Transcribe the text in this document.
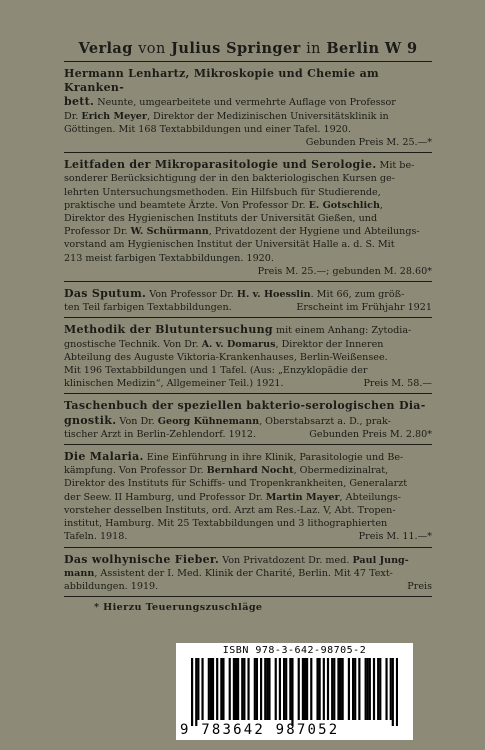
Verlag von Julius Springer in Berlin W 9
Hermann Lenhartz, Mikroskopie und Chemie am Kranken-
bett. Neunte, umgearbeitete und vermehrte Auflage von Professor
Dr. Erich Meyer, Direktor der Medizinischen Universitätsklinik in
Göttingen. Mit 168 Textabbildungen und einer Tafel. 1920.
Gebunden Preis M. 25.—*
Leitfaden der Mikroparasitologie und Serologie. Mit be-
sonderer Berücksichtigung der in den bakteriologischen Kursen ge-
lehrten Untersuchungsmethoden. Ein Hilfsbuch für Studierende,
praktische und beamtete Ärzte. Von Professor Dr. E. Gotschlich,
Direktor des Hygienischen Instituts der Universität Gießen, und
Professor Dr. W. Schürmann, Privatdozent der Hygiene und Abteilungs-
vorstand am Hygienischen Institut der Universität Halle a. d. S. Mit
213 meist farbigen Textabbildungen. 1920.
Preis M. 25.—; gebunden M. 28.60*
Das Sputum. Von Professor Dr. H. v. Hoesslin. Mit 66, zum größ-
ten Teil farbigen Textabbildungen.	Erscheint im Frühjahr 1921
Methodik der Blutuntersuchung mit einem Anhang: Zytodia-
gnostische Technik. Von Dr. A. v. Domarus, Direktor der Inneren
Abteilung des Auguste Viktoria-Krankenhauses, Berlin-Weißensee.
Mit 196 Textabbildungen und 1 Tafel. (Aus: „Enzyklopädie der
klinischen Medizin“, Allgemeiner Teil.) 1921.	Preis M. 58.—
Taschenbuch der speziellen bakterio-serologischen Dia-
gnostik. Von Dr. Georg Kühnemann, Oberstabsarzt a. D., prak-
tischer Arzt in Berlin-Zehlendorf. 1912.	Gebunden Preis M. 2.80*
Die Malaria. Eine Einführung in ihre Klinik, Parasitologie und Be-
kämpfung. Von Professor Dr. Bernhard Nocht, Obermedizinalrat,
Direktor des Instituts für Schiffs- und Tropenkrankheiten, Generalarzt
der Seew. II Hamburg, und Professor Dr. Martin Mayer, Abteilungs-
vorsteher desselben Instituts, ord. Arzt am Res.-Laz. V, Abt. Tropen-
institut, Hamburg. Mit 25 Textabbildungen und 3 lithographierten
Tafeln. 1918.	Preis M. 11.—*
Das wolhynische Fieber. Von Privatdozent Dr. med. Paul Jung-
mann, Assistent der I. Med. Klinik der Charité, Berlin. Mit 47 Text-
abbildungen. 1919.	Preis
* Hierzu Teuerungszuschläge
ISBN 978-3-642-98705-2
9 783642 987052
